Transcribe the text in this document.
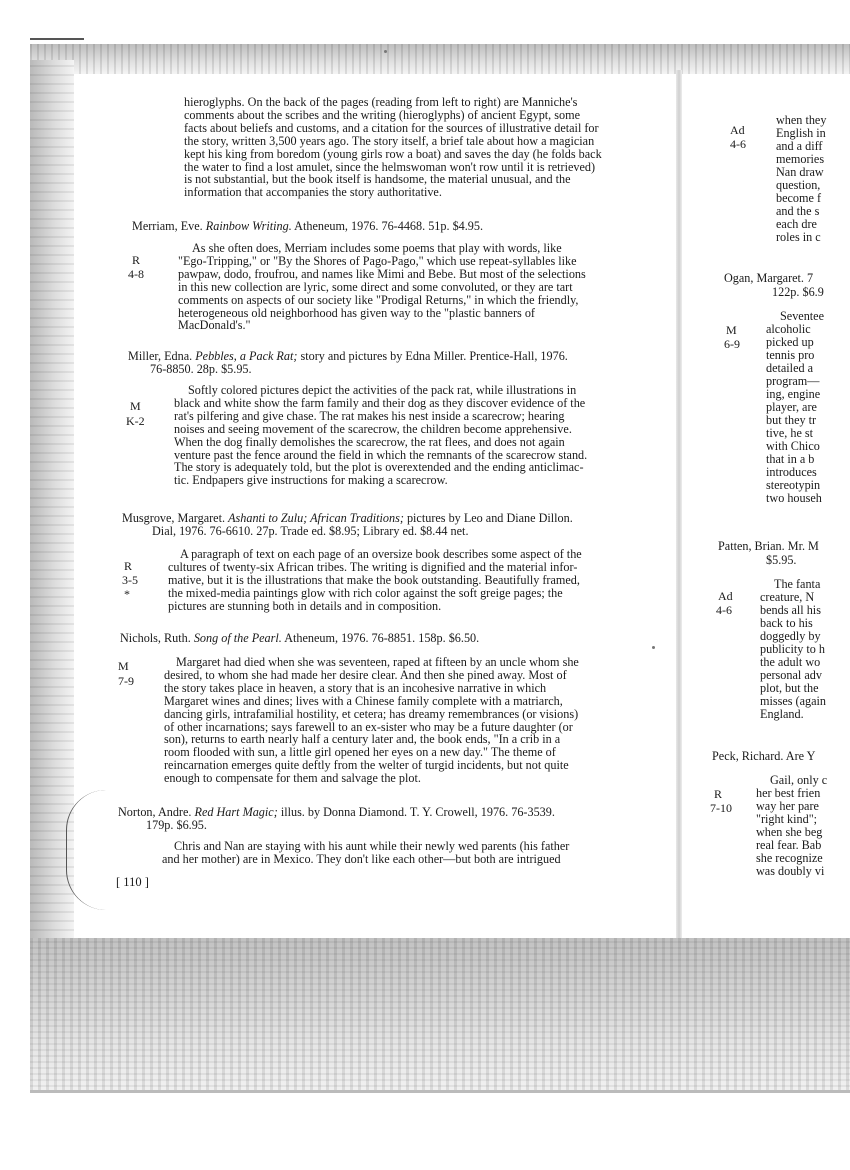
hieroglyphs. On the back of the pages (reading from left to right) are Manniche's
comments about the scribes and the writing (hieroglyphs) of ancient Egypt, some
facts about beliefs and customs, and a citation for the sources of illustrative detail for
the story, written 3,500 years ago. The story itself, a brief tale about how a magician
kept his king from boredom (young girls row a boat) and saves the day (he folds back
the water to find a lost amulet, since the helmswoman won't row until it is retrieved)
is not substantial, but the book itself is handsome, the material unusual, and the
information that accompanies the story authoritative.
Merriam, Eve. Rainbow Writing. Atheneum, 1976. 76-4468. 51p. $4.95.
R
4-8
As she often does, Merriam includes some poems that play with words, like
"Ego-Tripping," or "By the Shores of Pago-Pago," which use repeat-syllables like
pawpaw, dodo, froufrou, and names like Mimi and Bebe. But most of the selections
in this new collection are lyric, some direct and some convoluted, or they are tart
comments on aspects of our society like "Prodigal Returns," in which the friendly,
heterogeneous old neighborhood has given way to the "plastic banners of
MacDonald's."
Miller, Edna. Pebbles, a Pack Rat; story and pictures by Edna Miller. Prentice-Hall, 1976.
76-8850. 28p. $5.95.
M
K-2
Softly colored pictures depict the activities of the pack rat, while illustrations in
black and white show the farm family and their dog as they discover evidence of the
rat's pilfering and give chase. The rat makes his nest inside a scarecrow; hearing
noises and seeing movement of the scarecrow, the children become apprehensive.
When the dog finally demolishes the scarecrow, the rat flees, and does not again
venture past the fence around the field in which the remnants of the scarecrow stand.
The story is adequately told, but the plot is overextended and the ending anticlimac-
tic. Endpapers give instructions for making a scarecrow.
Musgrove, Margaret. Ashanti to Zulu; African Traditions; pictures by Leo and Diane Dillon.
Dial, 1976. 76-6610. 27p. Trade ed. $8.95; Library ed. $8.44 net.
R
3-5
*
A paragraph of text on each page of an oversize book describes some aspect of the
cultures of twenty-six African tribes. The writing is dignified and the material infor-
mative, but it is the illustrations that make the book outstanding. Beautifully framed,
the mixed-media paintings glow with rich color against the soft greige pages; the
pictures are stunning both in details and in composition.
Nichols, Ruth. Song of the Pearl. Atheneum, 1976. 76-8851. 158p. $6.50.
M
7-9
Margaret had died when she was seventeen, raped at fifteen by an uncle whom she
desired, to whom she had made her desire clear. And then she pined away. Most of
the story takes place in heaven, a story that is an incohesive narrative in which
Margaret wines and dines; lives with a Chinese family complete with a matriarch,
dancing girls, intrafamilial hostility, et cetera; has dreamy remembrances (or visions)
of other incarnations; says farewell to an ex-sister who may be a future daughter (or
son), returns to earth nearly half a century later and, the book ends, "In a crib in a
room flooded with sun, a little girl opened her eyes on a new day." The theme of
reincarnation emerges quite deftly from the welter of turgid incidents, but not quite
enough to compensate for them and salvage the plot.
Norton, Andre. Red Hart Magic; illus. by Donna Diamond. T. Y. Crowell, 1976. 76-3539.
179p. $6.95.
Chris and Nan are staying with his aunt while their newly wed parents (his father
and her mother) are in Mexico. They don't like each other—but both are intrigued
[ 110 ]
Ad
4-6
when they
English in
and a diff
memories
Nan draw
question,
become f
and the s
each dre
roles in c
Ogan, Margaret. 7
122p. $6.9
M
6-9
Seventee
alcoholic
picked up
tennis pro
detailed a
program—
ing, engine
player, are
but they tr
tive, he st
with Chico
that in a b
introduces
stereotypin
two househ
Patten, Brian. Mr. M
$5.95.
Ad
4-6
The fanta
creature, N
bends all his
back to his
doggedly by
publicity to h
the adult wo
personal adv
plot, but the
misses (again
England.
Peck, Richard. Are Y
R
7-10
Gail, only c
her best frien
way her pare
"right kind";
when she beg
real fear. Bab
she recognize
was doubly vi
